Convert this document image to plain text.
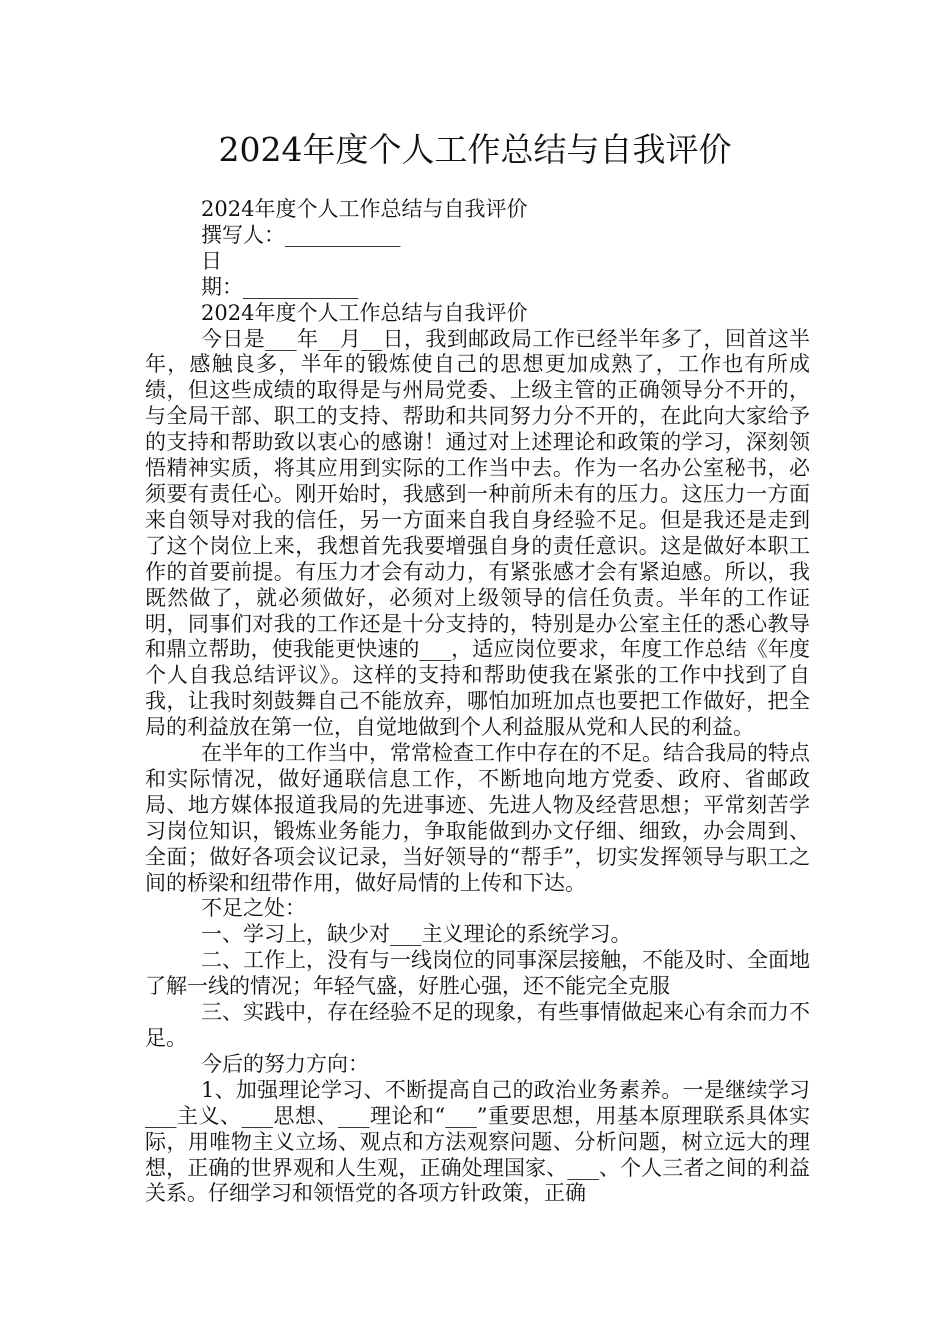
2024年度个人工作总结与自我评价
2024年度个人工作总结与自我评价
撰写人：___________
日
期：___________
2024年度个人工作总结与自我评价

今日是___年__月__日，我到邮政局工作已经半年多了，回首这半年，感触良多，半年的锻炼使自己的思想更加成熟了，工作也有所成绩，但这些成绩的取得是与州局党委、上级主管的正确领导分不开的，与全局干部、职工的支持、帮助和共同努力分不开的，在此向大家给予的支持和帮助致以衷心的感谢！通过对上述理论和政策的学习，深刻领悟精神实质，将其应用到实际的工作当中去。作为一名办公室秘书，必须要有责任心。刚开始时，我感到一种前所未有的压力。这压力一方面来自领导对我的信任，另一方面来自我自身经验不足。但是我还是走到了这个岗位上来，我想首先我要增强自身的责任意识。这是做好本职工作的首要前提。有压力才会有动力，有紧张感才会有紧迫感。所以，我既然做了，就必须做好，必须对上级领导的信任负责。半年的工作证明，同事们对我的工作还是十分支持的，特别是办公室主任的悉心教导和鼎立帮助，使我能更快速的___，适应岗位要求，年度工作总结《年度个人自我总结评议》。这样的支持和帮助使我在紧张的工作中找到了自我，让我时刻鼓舞自己不能放弃，哪怕加班加点也要把工作做好，把全局的利益放在第一位，自觉地做到个人利益服从党和人民的利益。

在半年的工作当中，常常检查工作中存在的不足。结合我局的特点和实际情况，做好通联信息工作，不断地向地方党委、政府、省邮政局、地方媒体报道我局的先进事迹、先进人物及经营思想；平常刻苦学习岗位知识，锻炼业务能力，争取能做到办文仔细、细致，办会周到、全面；做好各项会议记录，当好领导的“帮手”，切实发挥领导与职工之间的桥梁和纽带作用，做好局情的上传和下达。

不足之处：

一、学习上，缺少对___主义理论的系统学习。

二、工作上，没有与一线岗位的同事深层接触，不能及时、全面地了解一线的情况；年轻气盛，好胜心强，还不能完全克服

三、实践中，存在经验不足的现象，有些事情做起来心有余而力不足。

今后的努力方向：

1、加强理论学习、不断提高自己的政治业务素养。一是继续学习___主义、___思想、___理论和“___”重要思想，用基本原理联系具体实际，用唯物主义立场、观点和方法观察问题、分析问题，树立远大的理想，正确的世界观和人生观，正确处理国家、___、个人三者之间的利益关系。仔细学习和领悟党的各项方针政策，正确
